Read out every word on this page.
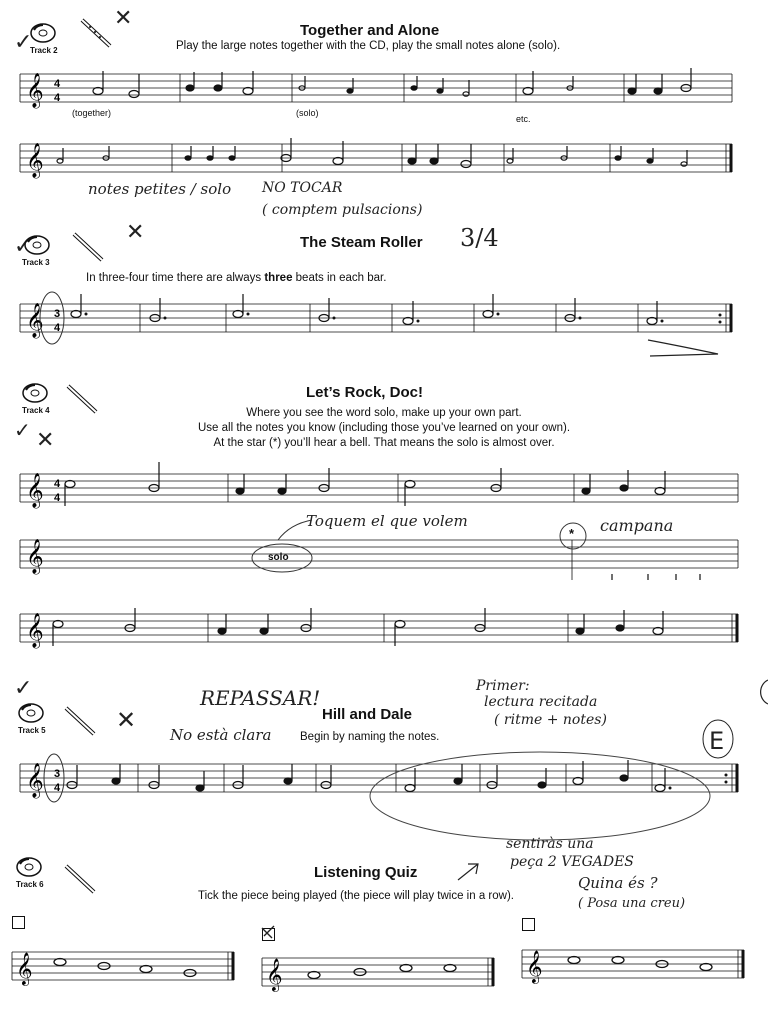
✓
Track 2
✕	Together and Alone
Play the large notes together with the CD, play the small notes alone (solo).
𝄞 4
4
(together)	(solo)
etc.
𝄞
notes petites / solo NO TOCAR
( comptem pulsacions)
✓
Track 3
✕	The Steam Roller 3/4
In three-four time there are always three beats in each bar.
𝄞 3
4
Track 4
✓ ✕
Let’s Rock, Doc!
Where you see the word solo, make up your own part.
Use all the notes you know (including those you’ve learned on your own).
At the star (*) you’ll hear a bell. That means the solo is almost over.
𝄞 4
4
Toquem el que volem	campana
𝄞	solo
*
𝄞
✓
Track 5	✕
REPASSAR!
No està clara
Hill and Dale
Begin by naming the notes.
Primer:
lectura recitada
( ritme + notes)
E
𝄞 3
4
sentiràs una
peça 2 VEGADES
Quina és ?
( Posa una creu)
Track 6
Listening Quiz
Tick the piece being played (the piece will play twice in a row).
𝄞	𝄞	𝄞
